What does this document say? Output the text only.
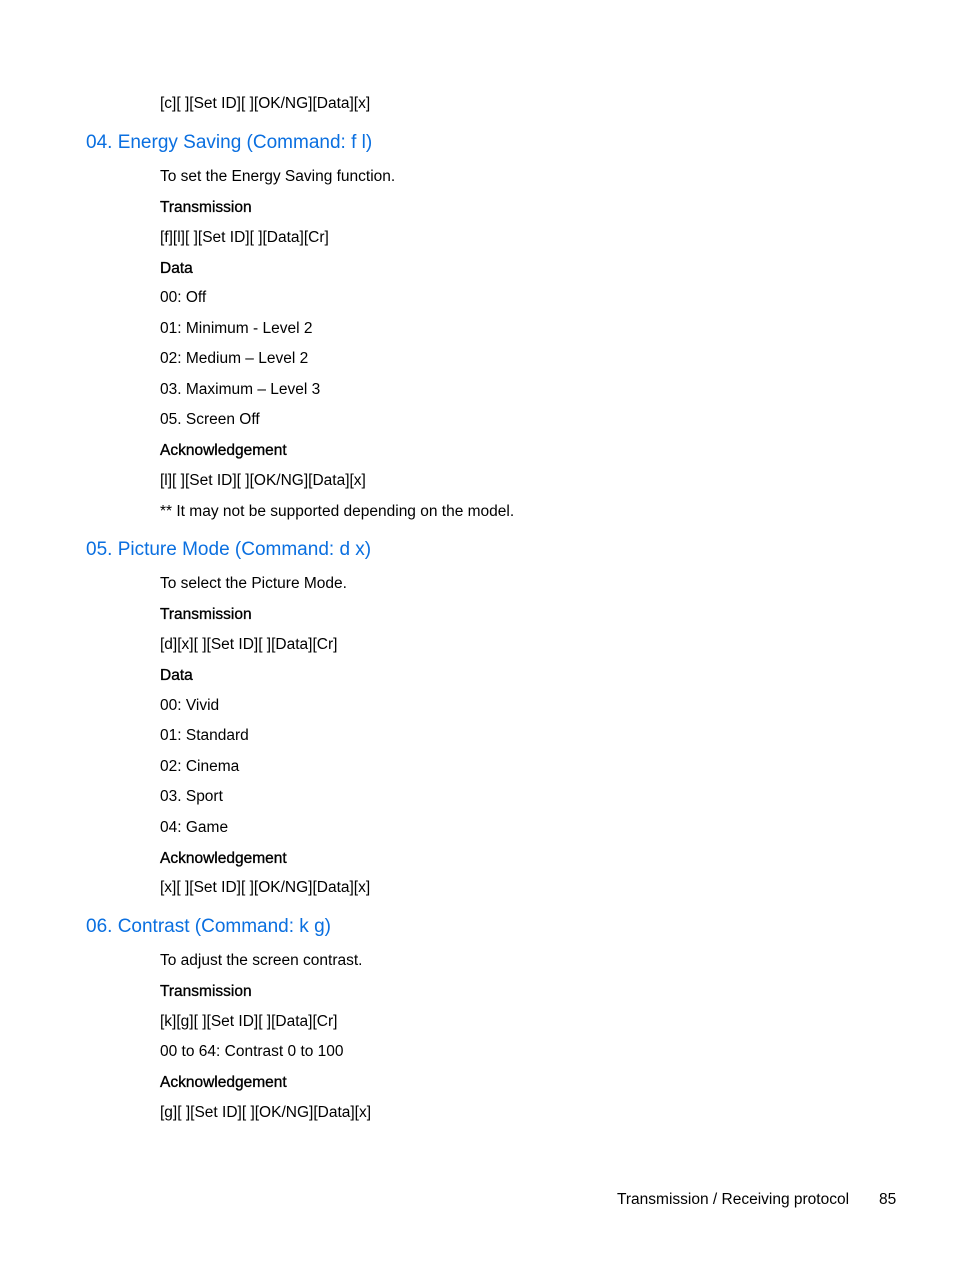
[c][ ][Set ID][ ][OK/NG][Data][x]
04. Energy Saving (Command: f l)
To set the Energy Saving function.
Transmission
[f][l][ ][Set ID][ ][Data][Cr]
Data
00: Off
01: Minimum - Level 2
02: Medium – Level 2
03. Maximum – Level 3
05. Screen Off
Acknowledgement
[l][ ][Set ID][ ][OK/NG][Data][x]
** It may not be supported depending on the model.
05. Picture Mode (Command: d x)
To select the Picture Mode.
Transmission
[d][x][ ][Set ID][ ][Data][Cr]
Data
00: Vivid
01: Standard
02: Cinema
03. Sport
04: Game
Acknowledgement
[x][ ][Set ID][ ][OK/NG][Data][x]
06. Contrast (Command: k g)
To adjust the screen contrast.
Transmission
[k][g][ ][Set ID][ ][Data][Cr]
00 to 64: Contrast 0 to 100
Acknowledgement
[g][ ][Set ID][ ][OK/NG][Data][x]
Transmission / Receiving protocol 85
